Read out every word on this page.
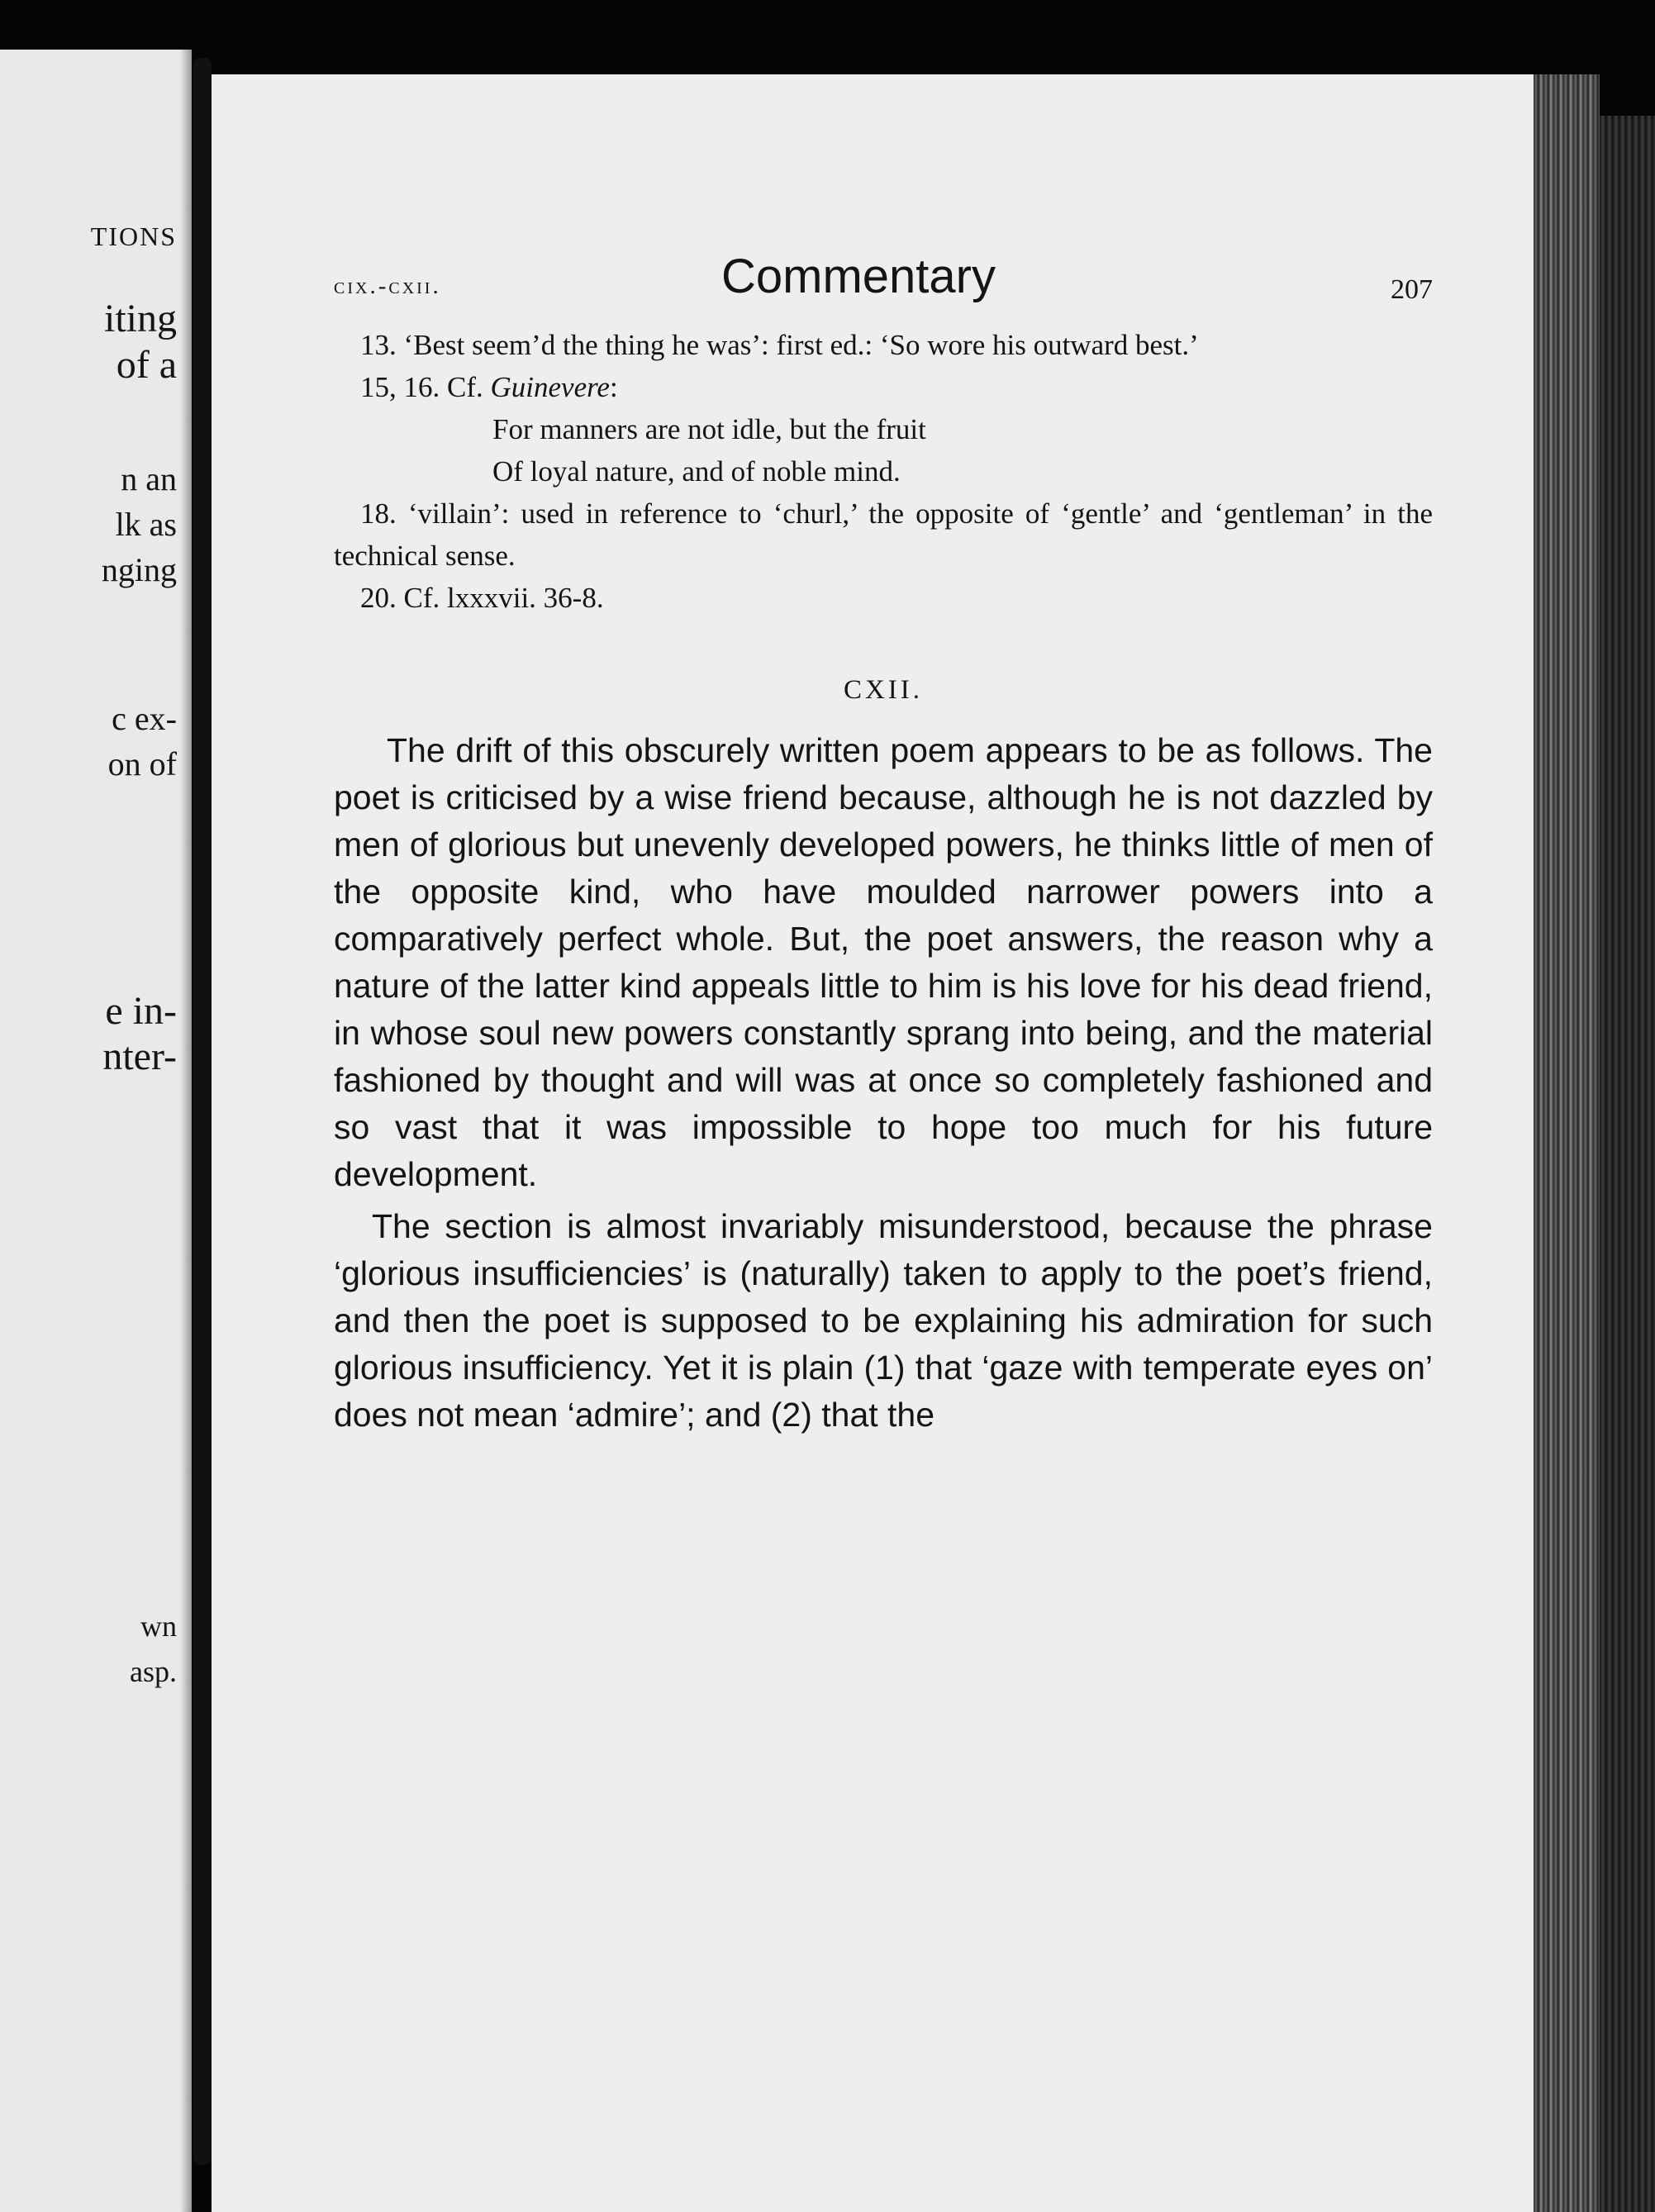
TIONS
iting
of a
n an
lk as
nging
c ex-
on of
e in-
nter-
wn
asp.
cix.-cxii.	Commentary	207
13. ‘Best seem’d the thing he was’: first ed.: ‘So wore his outward best.’
15, 16. Cf. Guinevere:
For manners are not idle, but the fruit
Of loyal nature, and of noble mind.
18. ‘villain’: used in reference to ‘churl,’ the opposite of ‘gentle’ and ‘gentleman’ in the technical sense.
20. Cf. lxxxvii. 36-8.
CXII.

The drift of this obscurely written poem appears to be as follows. The poet is criticised by a wise friend because, although he is not dazzled by men of glorious but unevenly developed powers, he thinks little of men of the opposite kind, who have moulded narrower powers into a comparatively perfect whole. But, the poet answers, the reason why a nature of the latter kind appeals little to him is his love for his dead friend, in whose soul new powers constantly sprang into being, and the material fashioned by thought and will was at once so completely fashioned and so vast that it was impossible to hope too much for his future development.

The section is almost invariably misunderstood, because the phrase ‘glorious insufficiencies’ is (naturally) taken to apply to the poet’s friend, and then the poet is supposed to be explaining his admiration for such glorious insufficiency. Yet it is plain (1) that ‘gaze with temperate eyes on’ does not mean ‘admire’; and (2) that the
